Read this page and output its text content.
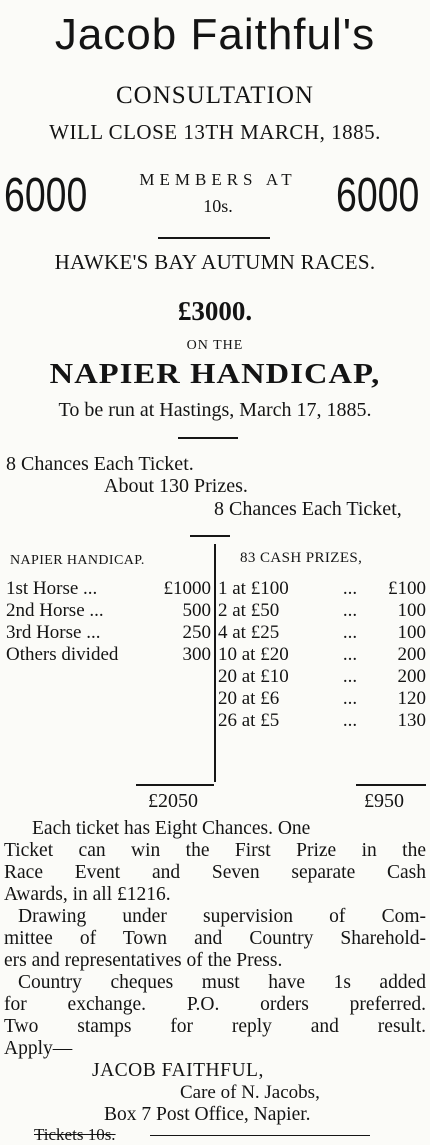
Jacob Faithful's
CONSULTATION
WILL CLOSE 13TH MARCH, 1885.
6000	6000
MEMBERS AT
10s.
HAWKE'S BAY AUTUMN RACES.
£3000.
ON THE
NAPIER HANDICAP,
To be run at Hastings, March 17, 1885.
8 Chances Each Ticket.
About 130 Prizes.
8 Chances Each Ticket,
NAPIER HANDICAP.	83 CASH PRIZES,
1st Horse ...	£1000
2nd Horse ...	500
3rd Horse ...	250
Others divided	300
1 at £100	...	£100
2 at £50	...	100
4 at £25	...	100
10 at £20	...	200
20 at £10	...	200
20 at £6	...	120
26 at £5	...	130
£2050	£950
Each ticket has Eight Chances. One
Ticket can win the First Prize in the
Race Event and Seven separate Cash
Awards, in all £1216.
Drawing under supervision of Com-
mittee of Town and Country Sharehold-
ers and representatives of the Press.
Country cheques must have 1s added
for exchange. P.O. orders preferred.
Two stamps for reply and result.
Apply—
JACOB FAITHFUL,
Care of N. Jacobs,
Box 7 Post Office, Napier.
Tickets 10s.
